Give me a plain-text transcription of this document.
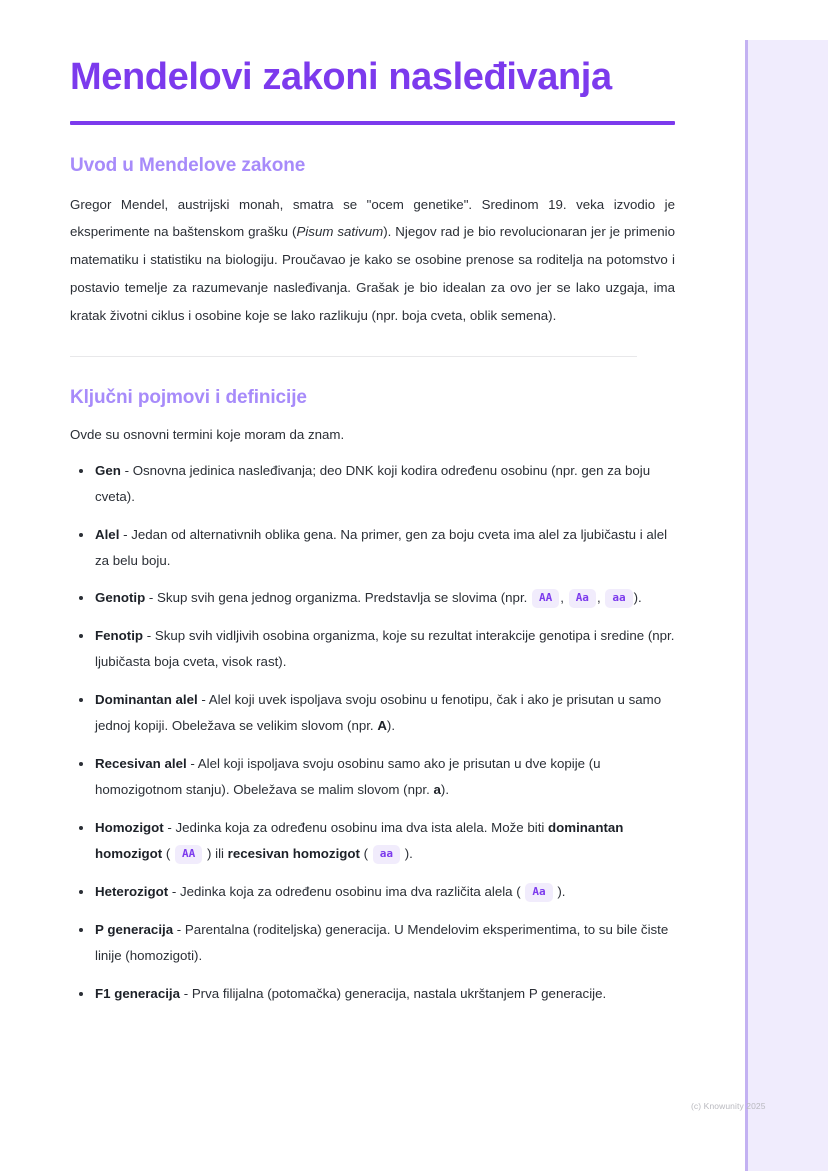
Mendelovi zakoni nasleđivanja
Uvod u Mendelove zakone

Gregor Mendel, austrijski monah, smatra se "ocem genetike". Sredinom 19. veka izvodio je eksperimente na baštenskom grašku (Pisum sativum). Njegov rad je bio revolucionaran jer je primenio matematiku i statistiku na biologiju. Proučavao je kako se osobine prenose sa roditelja na potomstvo i postavio temelje za razumevanje nasleđivanja. Grašak je bio idealan za ovo jer se lako uzgaja, ima kratak životni ciklus i osobine koje se lako razlikuju (npr. boja cveta, oblik semena).

Ključni pojmovi i definicije

Ovde su osnovni termini koje moram da znam.

Gen - Osnovna jedinica nasleđivanja; deo DNK koji kodira određenu osobinu (npr. gen za boju cveta).
Alel - Jedan od alternativnih oblika gena. Na primer, gen za boju cveta ima alel za ljubičastu i alel za belu boju.
Genotip - Skup svih gena jednog organizma. Predstavlja se slovima (npr. AA , Aa , aa ).
Fenotip - Skup svih vidljivih osobina organizma, koje su rezultat interakcije genotipa i sredine (npr. ljubičasta boja cveta, visok rast).
Dominantan alel - Alel koji uvek ispoljava svoju osobinu u fenotipu, čak i ako je prisutan u samo jednoj kopiji. Obeležava se velikim slovom (npr. A).
Recesivan alel - Alel koji ispoljava svoju osobinu samo ako je prisutan u dve kopije (u homozigotnom stanju). Obeležava se malim slovom (npr. a).
Homozigot - Jedinka koja za određenu osobinu ima dva ista alela. Može biti dominantan homozigot ( AA ) ili recesivan homozigot ( aa ).
Heterozigot - Jedinka koja za određenu osobinu ima dva različita alela ( Aa ).
P generacija - Parentalna (roditeljska) generacija. U Mendelovim eksperimentima, to su bile čiste linije (homozigoti).
F1 generacija - Prva filijalna (potomačka) generacija, nastala ukrštanjem P generacije.
(c) Knowunity 2025
